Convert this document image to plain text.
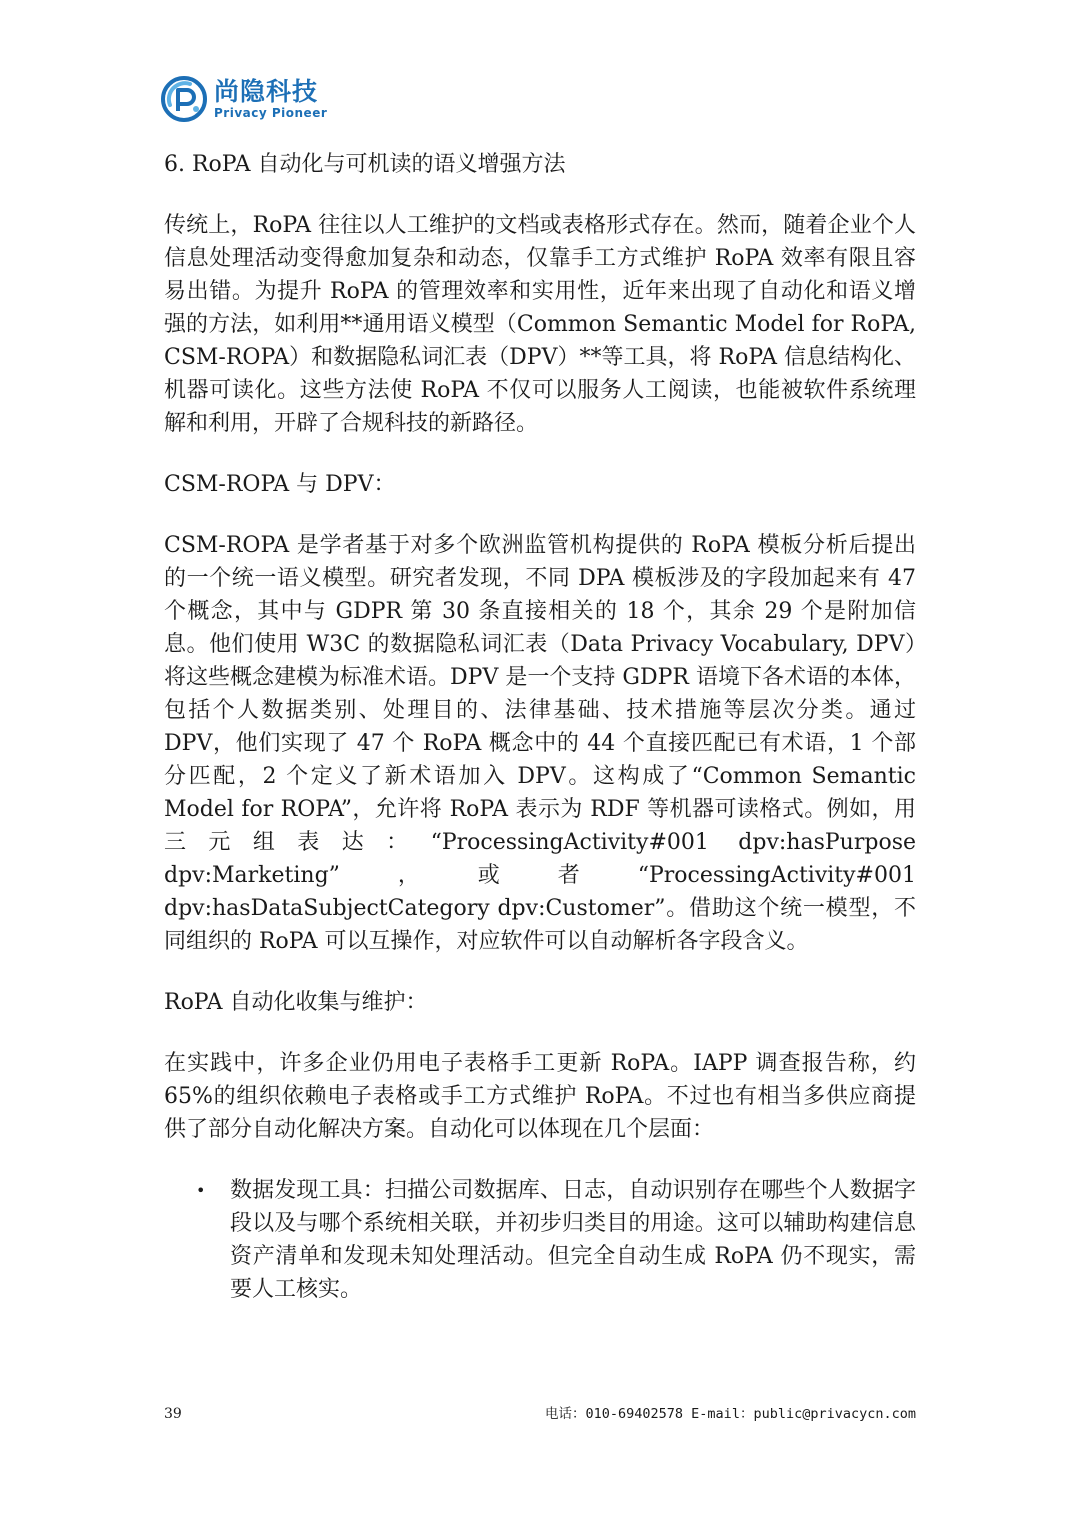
尚隐科技
Privacy Pioneer
6. RoPA 自动化与可机读的语义增强方法

传统上，RoPA 往往以人工维护的文档或表格形式存在。然而，随着企业个人信息处理活动变得愈加复杂和动态，仅靠手工方式维护 RoPA 效率有限且容易出错。为提升 RoPA 的管理效率和实用性，近年来出现了自动化和语义增强的方法，如利用**通用语义模型（Common Semantic Model for RoPA, CSM-ROPA）和数据隐私词汇表（DPV）**等工具，将 RoPA 信息结构化、机器可读化。这些方法使 RoPA 不仅可以服务人工阅读，也能被软件系统理解和利用，开辟了合规科技的新路径。

CSM-ROPA 与 DPV：

CSM-ROPA 是学者基于对多个欧洲监管机构提供的 RoPA 模板分析后提出的一个统一语义模型。研究者发现，不同 DPA 模板涉及的字段加起来有 47 个概念，其中与 GDPR 第 30 条直接相关的 18 个，其余 29 个是附加信息。他们使用 W3C 的数据隐私词汇表（Data Privacy Vocabulary, DPV）将这些概念建模为标准术语。DPV 是一个支持 GDPR 语境下各术语的本体，包括个人数据类别、处理目的、法律基础、技术措施等层次分类。通过 DPV，他们实现了 47 个 RoPA 概念中的 44 个直接匹配已有术语，1 个部分匹配，2 个定义了新术语加入 DPV。这构成了“Common Semantic Model for ROPA”，允许将 RoPA 表示为 RDF 等机器可读格式。例如，用三元组表达：“ProcessingActivity#001 dpv:hasPurpose dpv:Marketing”，或者“ProcessingActivity#001 dpv:hasDataSubjectCategory dpv:Customer”。借助这个统一模型，不同组织的 RoPA 可以互操作，对应软件可以自动解析各字段含义。

RoPA 自动化收集与维护：

在实践中，许多企业仍用电子表格手工更新 RoPA。IAPP 调查报告称，约 65%的组织依赖电子表格或手工方式维护 RoPA。不过也有相当多供应商提供了部分自动化解决方案。自动化可以体现在几个层面：

• 数据发现工具：扫描公司数据库、日志，自动识别存在哪些个人数据字段以及与哪个系统相关联，并初步归类目的用途。这可以辅助构建信息资产清单和发现未知处理活动。但完全自动生成 RoPA 仍不现实，需要人工核实。
39	电话：010-69402578 E-mail：public@privacycn.com
